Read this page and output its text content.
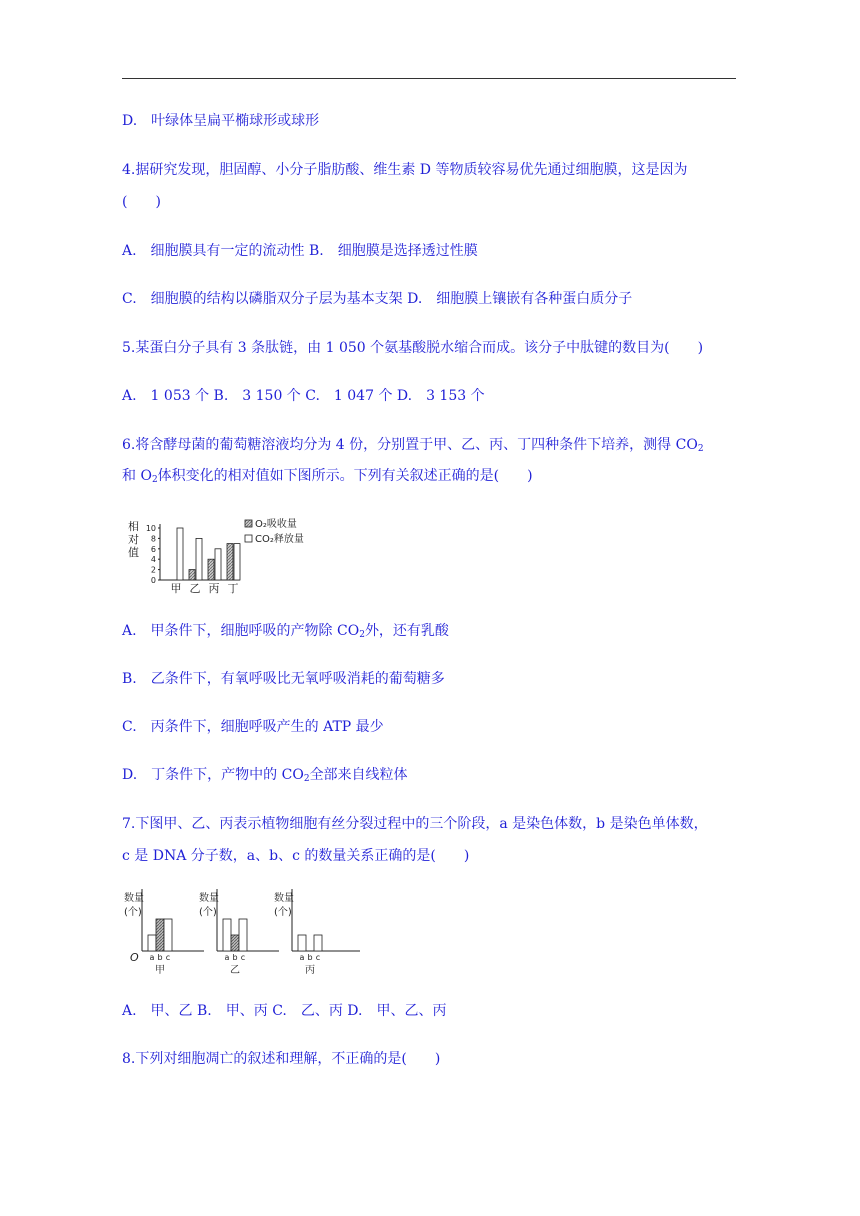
D.　叶绿体呈扁平椭球形或球形
4.据研究发现，胆固醇、小分子脂肪酸、维生素 D 等物质较容易优先通过细胞膜，这是因为
(　　)
A.　细胞膜具有一定的流动性 B.　细胞膜是选择透过性膜
C.　细胞膜的结构以磷脂双分子层为基本支架 D.　细胞膜上镶嵌有各种蛋白质分子
5.某蛋白分子具有 3 条肽链，由 1 050 个氨基酸脱水缩合而成。该分子中肽键的数目为(　　)
A.　1 053 个 B.　3 150 个 C.　1 047 个 D.　3 153 个
6.将含酵母菌的葡萄糖溶液均分为 4 份，分别置于甲、乙、丙、丁四种条件下培养，测得 $CO_2$
和 $O_2$体积变化的相对值如下图所示。下列有关叙述正确的是(　　)
相
对
值
0
2
4
6
8
10
甲 乙 丙 丁
O₂吸收量
CO₂释放量
A.　甲条件下，细胞呼吸的产物除 $CO_2$外，还有乳酸
B.　乙条件下，有氧呼吸比无氧呼吸消耗的葡萄糖多
C.　丙条件下，细胞呼吸产生的 ATP 最少
D.　丁条件下，产物中的 $CO_2$全部来自线粒体
7.下图甲、乙、丙表示植物细胞有丝分裂过程中的三个阶段，a 是染色体数，b 是染色单体数，
c 是 DNA 分子数，a、b、c 的数量关系正确的是(　　)
O
数量
(个)
a b c
甲
数量
(个)
a b c
乙
数量
(个)
a b c
丙
A.　甲、乙 B.　甲、丙 C.　乙、丙 D.　甲、乙、丙
8.下列对细胞凋亡的叙述和理解，不正确的是(　　)
